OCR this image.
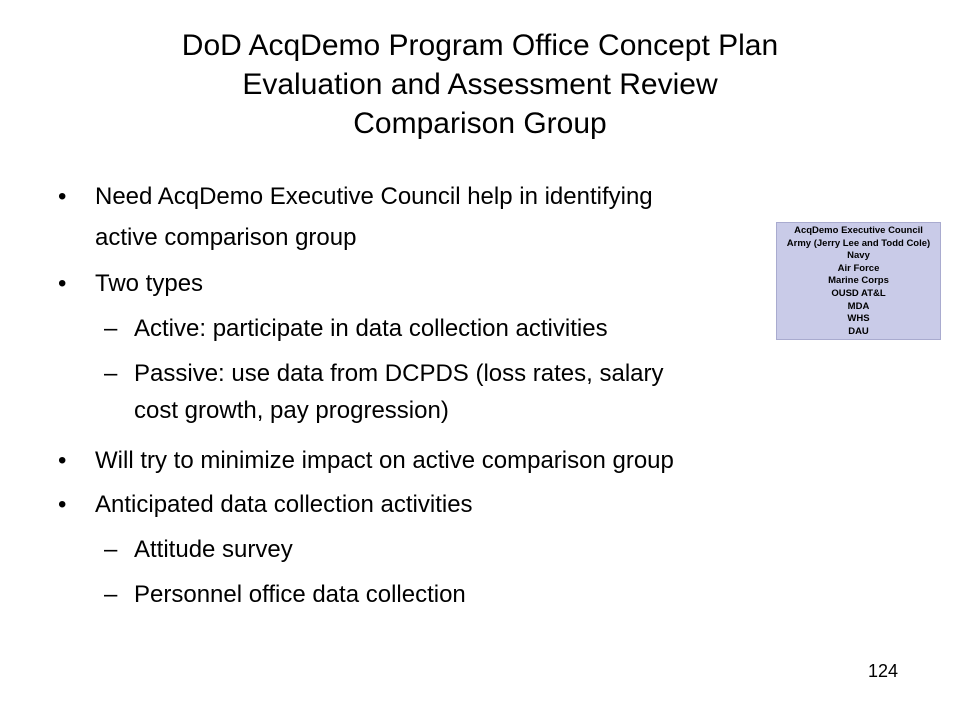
DoD AcqDemo Program Office Concept Plan
Evaluation and Assessment Review
Comparison Group
• Need AcqDemo Executive Council help in identifying
active comparison group
• Two types
– Active: participate in data collection activities
– Passive: use data from DCPDS (loss rates, salary
cost growth, pay progression)
• Will try to minimize impact on active comparison group
• Anticipated data collection activities
– Attitude survey
– Personnel office data collection
AcqDemo Executive Council
Army (Jerry Lee and Todd Cole)
Navy
Air Force
Marine Corps
OUSD AT&L
MDA
WHS
DAU
124
